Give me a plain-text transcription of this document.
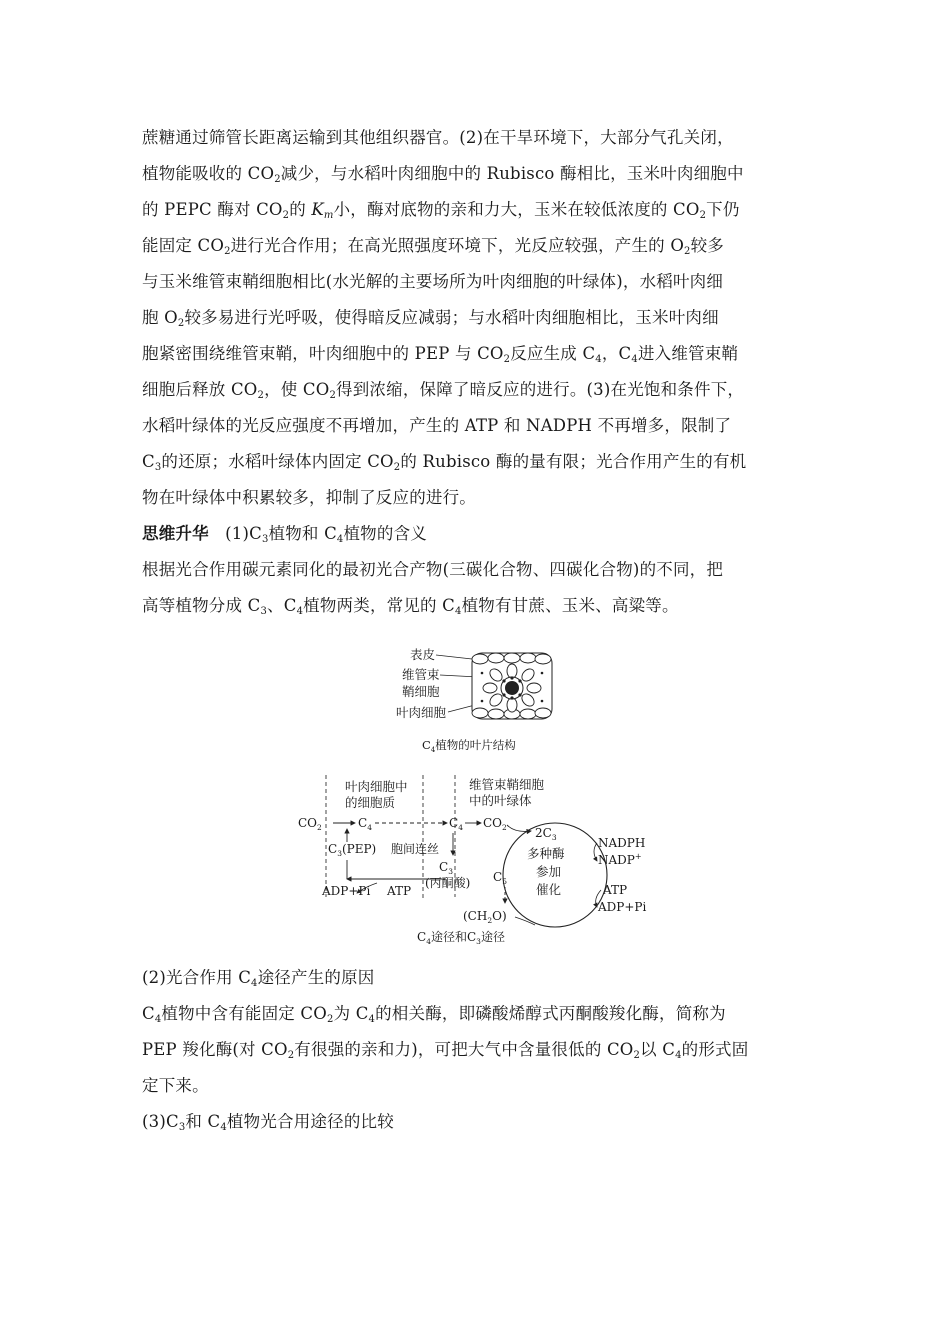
蔗糖通过筛管长距离运输到其他组织器官。(2)在干旱环境下，大部分气孔关闭，
植物能吸收的 $CO_2$减少，与水稻叶肉细胞中的 Rubisco 酶相比，玉米叶肉细胞中
的 PEPC 酶对 $CO_2$的 $K_m$小，酶对底物的亲和力大，玉米在较低浓度的 $CO_2$下仍
能固定 $CO_2$进行光合作用；在高光照强度环境下，光反应较强，产生的 $O_2$较多
与玉米维管束鞘细胞相比(水光解的主要场所为叶肉细胞的叶绿体)，水稻叶肉细
胞 $O_2$较多易进行光呼吸，使得暗反应减弱；与水稻叶肉细胞相比，玉米叶肉细
胞紧密围绕维管束鞘，叶肉细胞中的 PEP 与 $CO_2$反应生成 $C_4$，$C_4$进入维管束鞘
细胞后释放 $CO_2$，使 $CO_2$得到浓缩，保障了暗反应的进行。(3)在光饱和条件下，
水稻叶绿体的光反应强度不再增加，产生的 ATP 和 NADPH 不再增多，限制了
$C_3$的还原；水稻叶绿体内固定 $CO_2$的 Rubisco 酶的量有限；光合作用产生的有机
物在叶绿体中积累较多，抑制了反应的进行。
思维升华 $(1)C_3$植物和 $C_4$植物的含义
根据光合作用碳元素同化的最初光合产物(三碳化合物、四碳化合物)的不同，把
高等植物分成 $C_3$、$C_4$植物两类，常见的 $C_4$植物有甘蔗、玉米、高粱等。
表皮
维管束
鞘细胞
叶肉细胞
$C_4$植物的叶片结构
叶肉细胞中
的细胞质
维管束鞘细胞
中的叶绿体
$CO_2$	$C_4$	$C_4$ $CO_2$
$C_3(PEP)$ 胞间连丝
$C_3$
(丙酮酸)
ADP+Pi ATP
$2C_3$
多种酶
参加
催化
$C_5$
NADPH
NADP+
ATP
ADP+Pi
$(CH_2O)$
$C_4$途径和$C_3$途径
(2)光合作用 $C_4$途径产生的原因
$C_4$植物中含有能固定 $CO_2$为 $C_4$的相关酶，即磷酸烯醇式丙酮酸羧化酶，简称为
PEP 羧化酶(对 $CO_2$有很强的亲和力)，可把大气中含量很低的 $CO_2$以 $C_4$的形式固
定下来。
$(3)C_3$和 $C_4$植物光合用途径的比较
